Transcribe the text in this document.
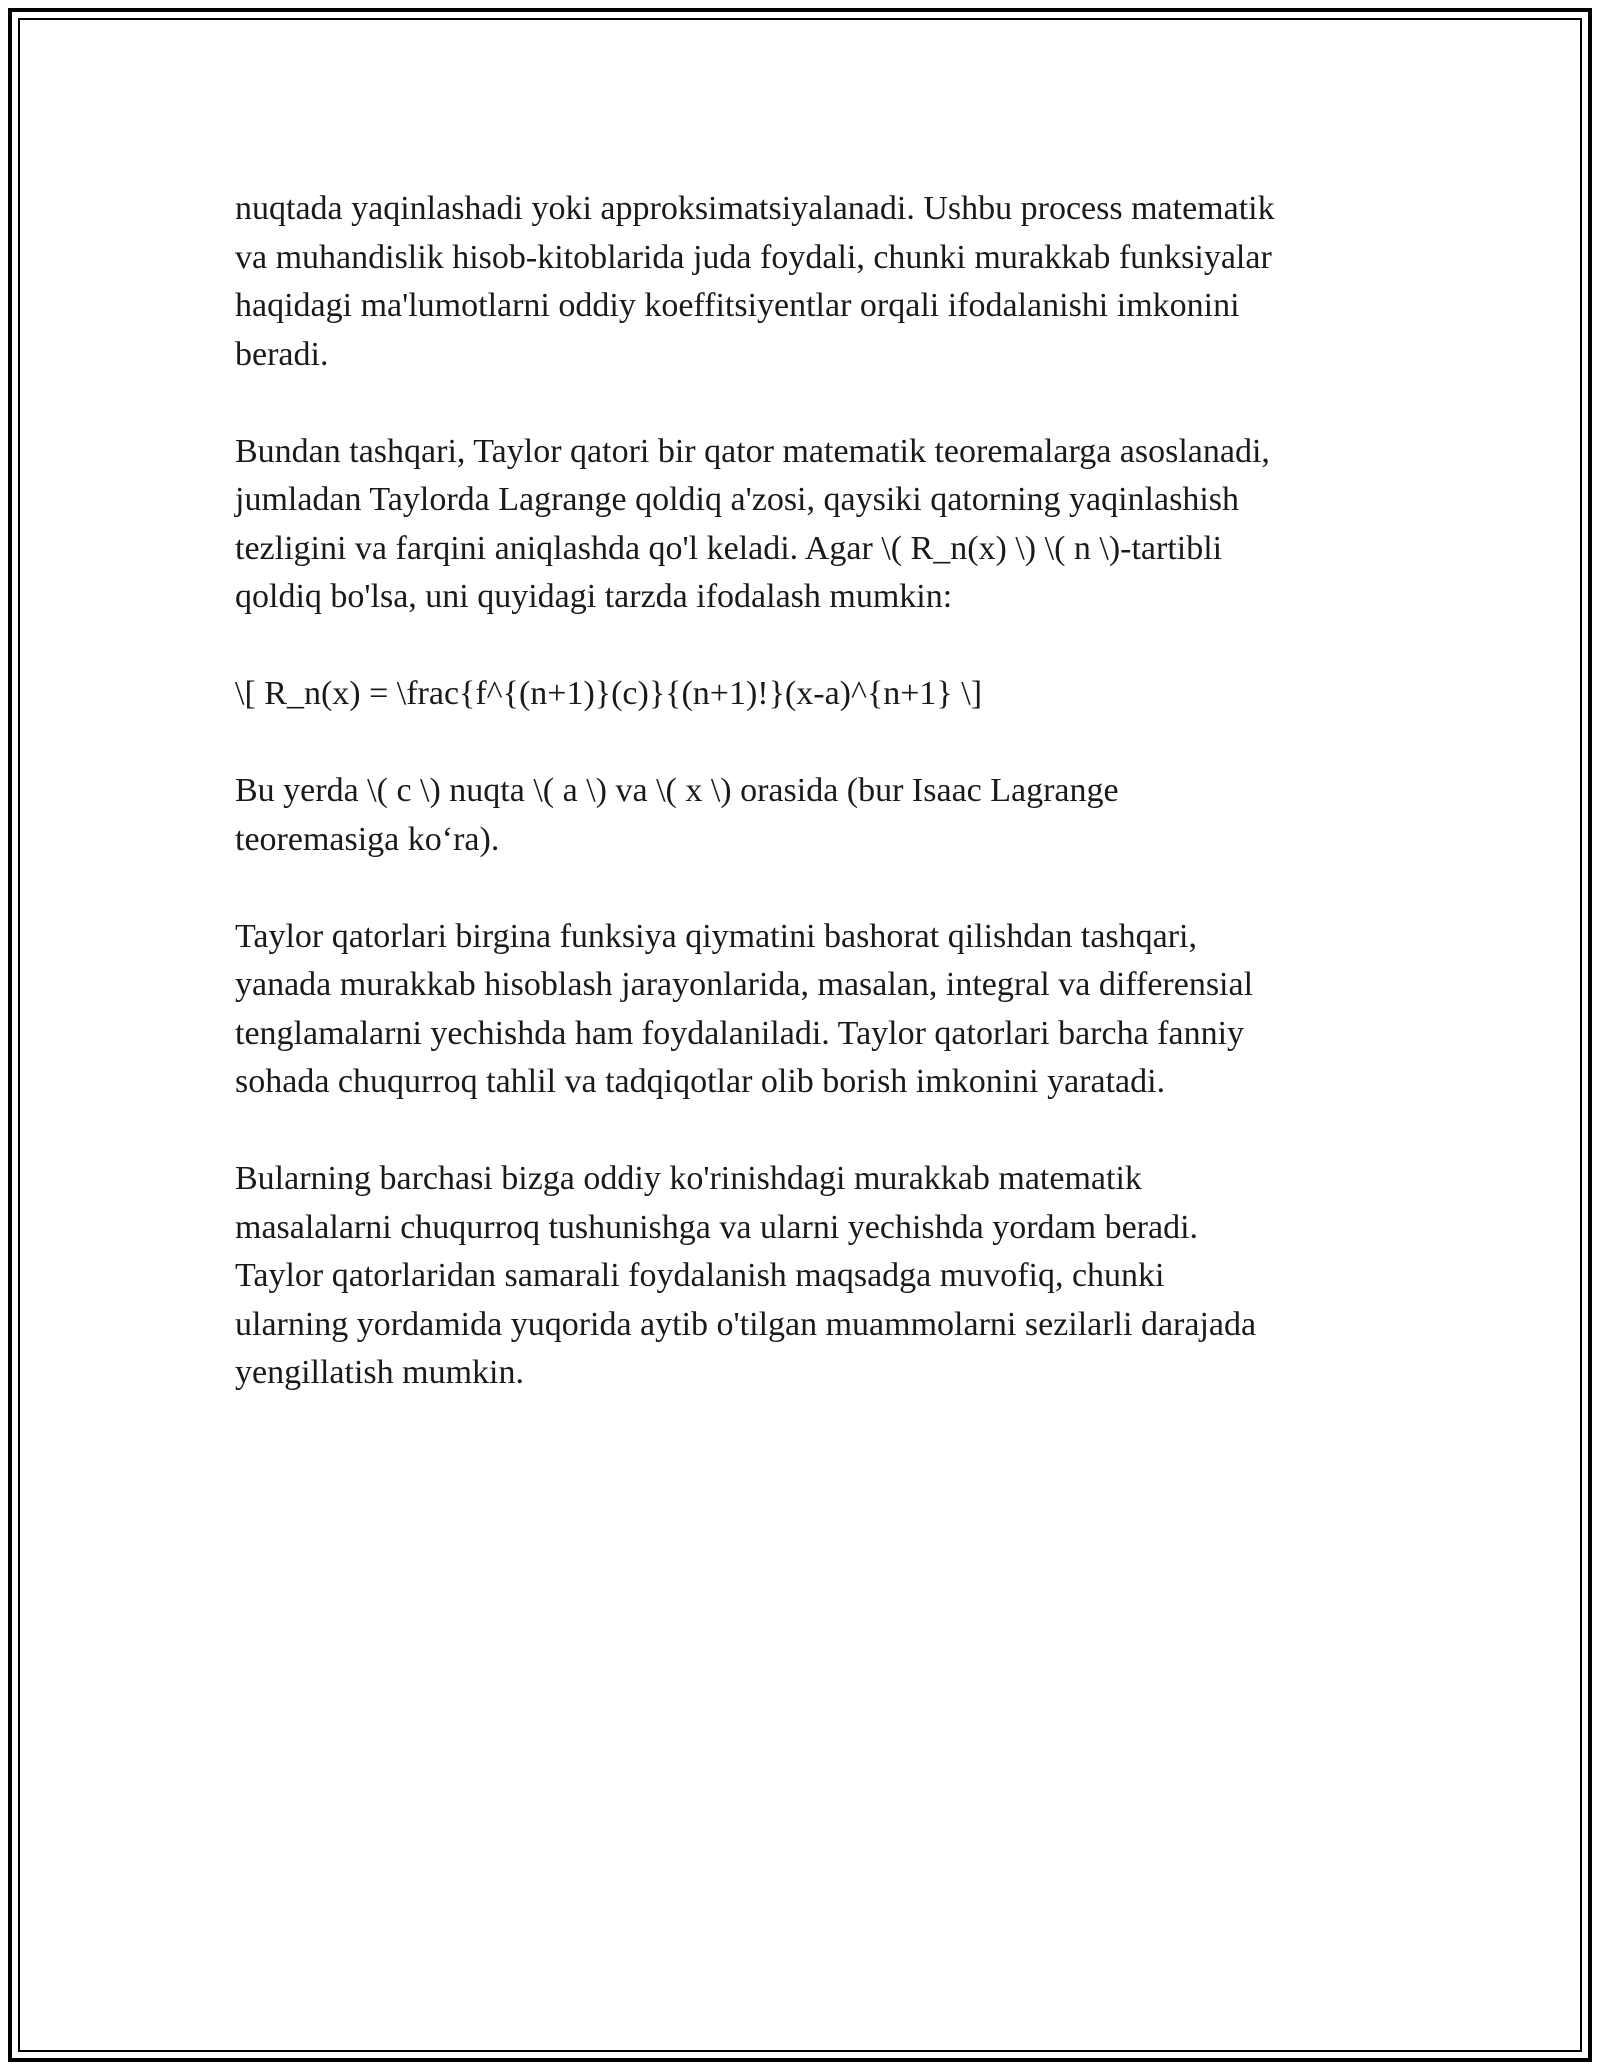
nuqtada yaqinlashadi yoki approksimatsiyalanadi. Ushbu process matematik
va muhandislik hisob-kitoblarida juda foydali, chunki murakkab funksiyalar
haqidagi ma'lumotlarni oddiy koeffitsiyentlar orqali ifodalanishi imkonini
beradi.

Bundan tashqari, Taylor qatori bir qator matematik teoremalarga asoslanadi,
jumladan Taylorda Lagrange qoldiq a'zosi, qaysiki qatorning yaqinlashish
tezligini va farqini aniqlashda qo'l keladi. Agar \( R_n(x) \) \( n \)-tartibli
qoldiq bo'lsa, uni quyidagi tarzda ifodalash mumkin:

\[ R_n(x) = \frac{f^{(n+1)}(c)}{(n+1)!}(x-a)^{n+1} \]

Bu yerda \( c \) nuqta \( a \) va \( x \) orasida (bur Isaac Lagrange
teoremasiga ko‘ra).

Taylor qatorlari birgina funksiya qiymatini bashorat qilishdan tashqari,
yanada murakkab hisoblash jarayonlarida, masalan, integral va differensial
tenglamalarni yechishda ham foydalaniladi. Taylor qatorlari barcha fanniy
sohada chuqurroq tahlil va tadqiqotlar olib borish imkonini yaratadi.

Bularning barchasi bizga oddiy ko'rinishdagi murakkab matematik
masalalarni chuqurroq tushunishga va ularni yechishda yordam beradi.
Taylor qatorlaridan samarali foydalanish maqsadga muvofiq, chunki
ularning yordamida yuqorida aytib o'tilgan muammolarni sezilarli darajada
yengillatish mumkin.
